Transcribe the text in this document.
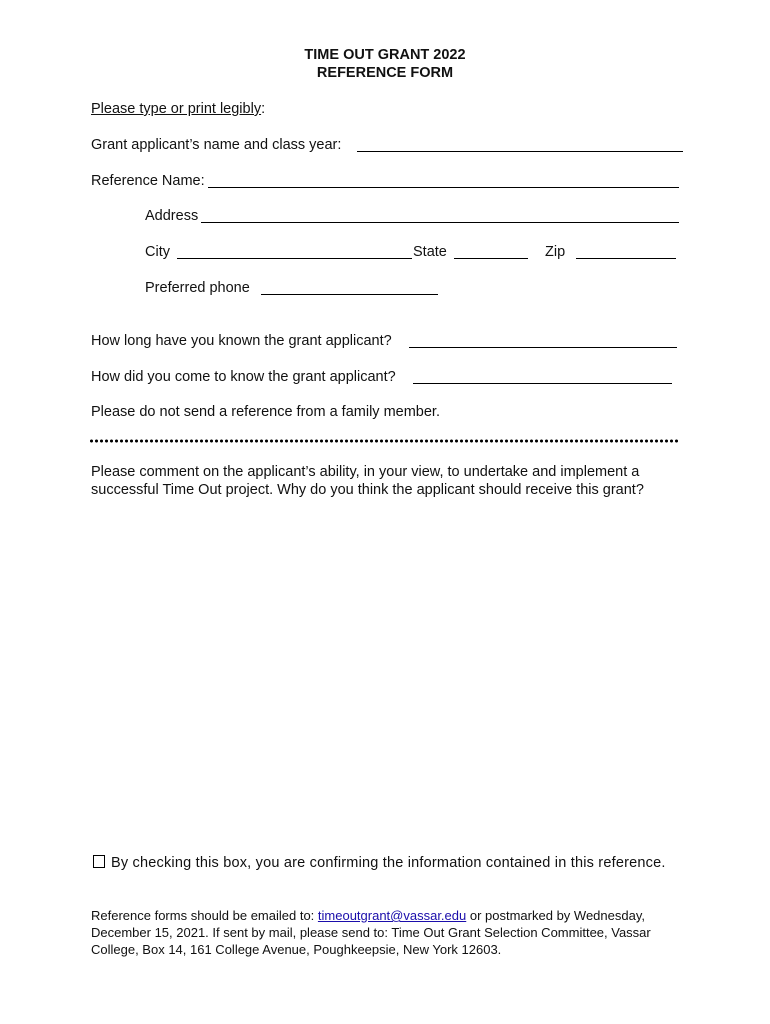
TIME OUT GRANT 2022
REFERENCE FORM
Please type or print legibly:
Grant applicant’s name and class year:
Reference Name:
Address
City	State	Zip
Preferred phone
How long have you known the grant applicant?
How did you come to know the grant applicant?
Please do not send a reference from a family member.
Please comment on the applicant’s ability, in your view, to undertake and implement a successful Time Out project. Why do you think the applicant should receive this grant?
By checking this box, you are confirming the information contained in this reference.
Reference forms should be emailed to: timeoutgrant@vassar.edu or postmarked by Wednesday, December 15, 2021. If sent by mail, please send to: Time Out Grant Selection Committee, Vassar College, Box 14, 161 College Avenue, Poughkeepsie, New York 12603.
